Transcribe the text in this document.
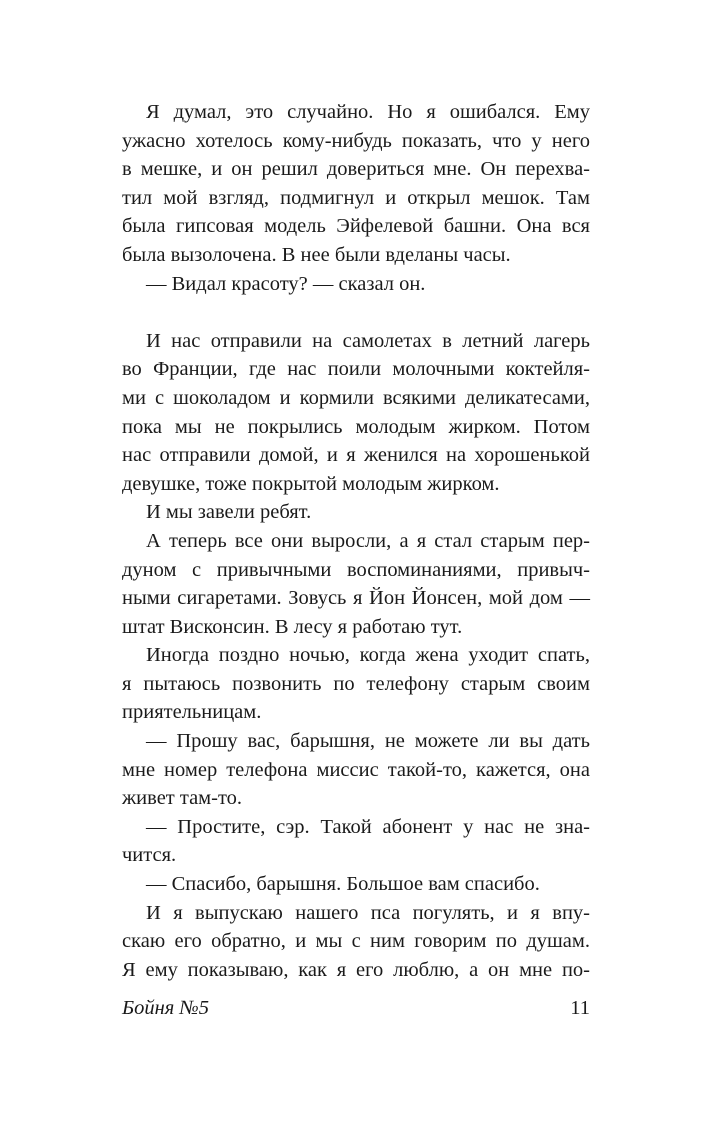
Я думал, это случайно. Но я ошибался. Ему
ужасно хотелось кому-нибудь показать, что у него
в мешке, и он решил довериться мне. Он перехва-
тил мой взгляд, подмигнул и открыл мешок. Там
была гипсовая модель Эйфелевой башни. Она вся
была вызолочена. В нее были вделаны часы.
— Видал красоту? — сказал он.
И нас отправили на самолетах в летний лагерь
во Франции, где нас поили молочными коктейля-
ми с шоколадом и кормили всякими деликатесами,
пока мы не покрылись молодым жирком. Потом
нас отправили домой, и я женился на хорошенькой
девушке, тоже покрытой молодым жирком.
И мы завели ребят.
А теперь все они выросли, а я стал старым пер-
дуном с привычными воспоминаниями, привыч-
ными сигаретами. Зовусь я Йон Йонсен, мой дом —
штат Висконсин. В лесу я работаю тут.
Иногда поздно ночью, когда жена уходит спать,
я пытаюсь позвонить по телефону старым своим
приятельницам.
— Прошу вас, барышня, не можете ли вы дать
мне номер телефона миссис такой-то, кажется, она
живет там-то.
— Простите, сэр. Такой абонент у нас не зна-
чится.
— Спасибо, барышня. Большое вам спасибо.
И я выпускаю нашего пса погулять, и я впу-
скаю его обратно, и мы с ним говорим по душам.
Я ему показываю, как я его люблю, а он мне по-
Бойня №5	11
